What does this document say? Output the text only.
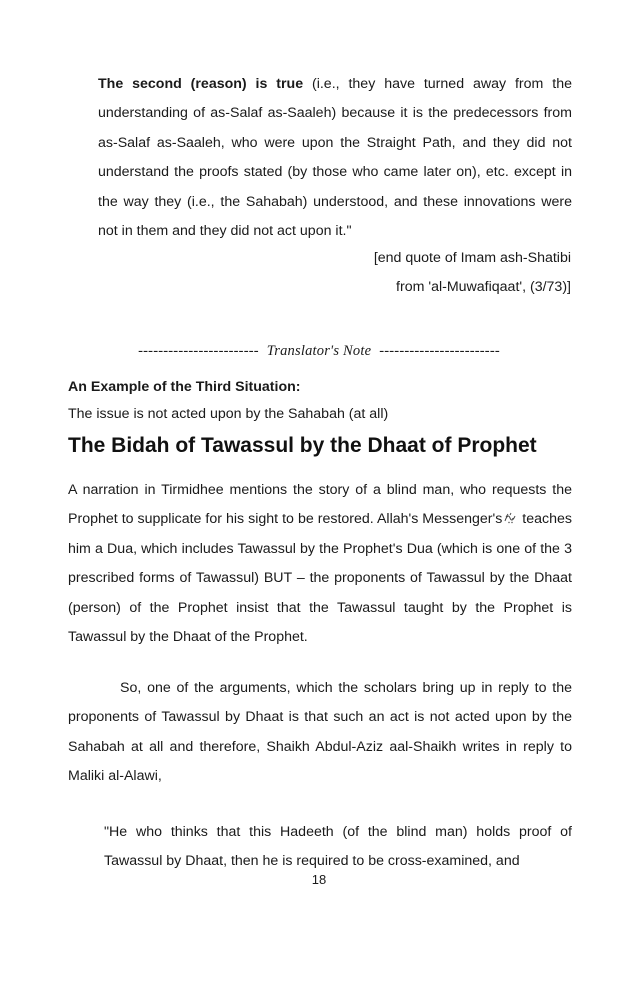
The second (reason) is true (i.e., they have turned away from the understanding of as-Salaf as-Saaleh) because it is the predecessors from as-Salaf as-Saaleh, who were upon the Straight Path, and they did not understand the proofs stated (by those who came later on), etc. except in the way they (i.e., the Sahabah) understood, and these innovations were not in them and they did not act upon it."

[end quote of Imam ash-Shatibi
from 'al-Muwafiqaat', (3/73)]
------------------------ Translator's Note ------------------------
An Example of the Third Situation:
The issue is not acted upon by the Sahabah (at all)
The Bidah of Tawassul by the Dhaat of Prophet

A narration in Tirmidhee mentions the story of a blind man, who requests the Prophet to supplicate for his sight to be restored. Allah's Messenger's teaches him a Dua, which includes Tawassul by the Prophet's Dua (which is one of the 3 prescribed forms of Tawassul) BUT – the proponents of Tawassul by the Dhaat (person) of the Prophet insist that the Tawassul taught by the Prophet is Tawassul by the Dhaat of the Prophet.

So, one of the arguments, which the scholars bring up in reply to the proponents of Tawassul by Dhaat is that such an act is not acted upon by the Sahabah at all and therefore, Shaikh Abdul-Aziz aal-Shaikh writes in reply to Maliki al-Alawi,

"He who thinks that this Hadeeth (of the blind man) holds proof of Tawassul by Dhaat, then he is required to be cross-examined, and

18
